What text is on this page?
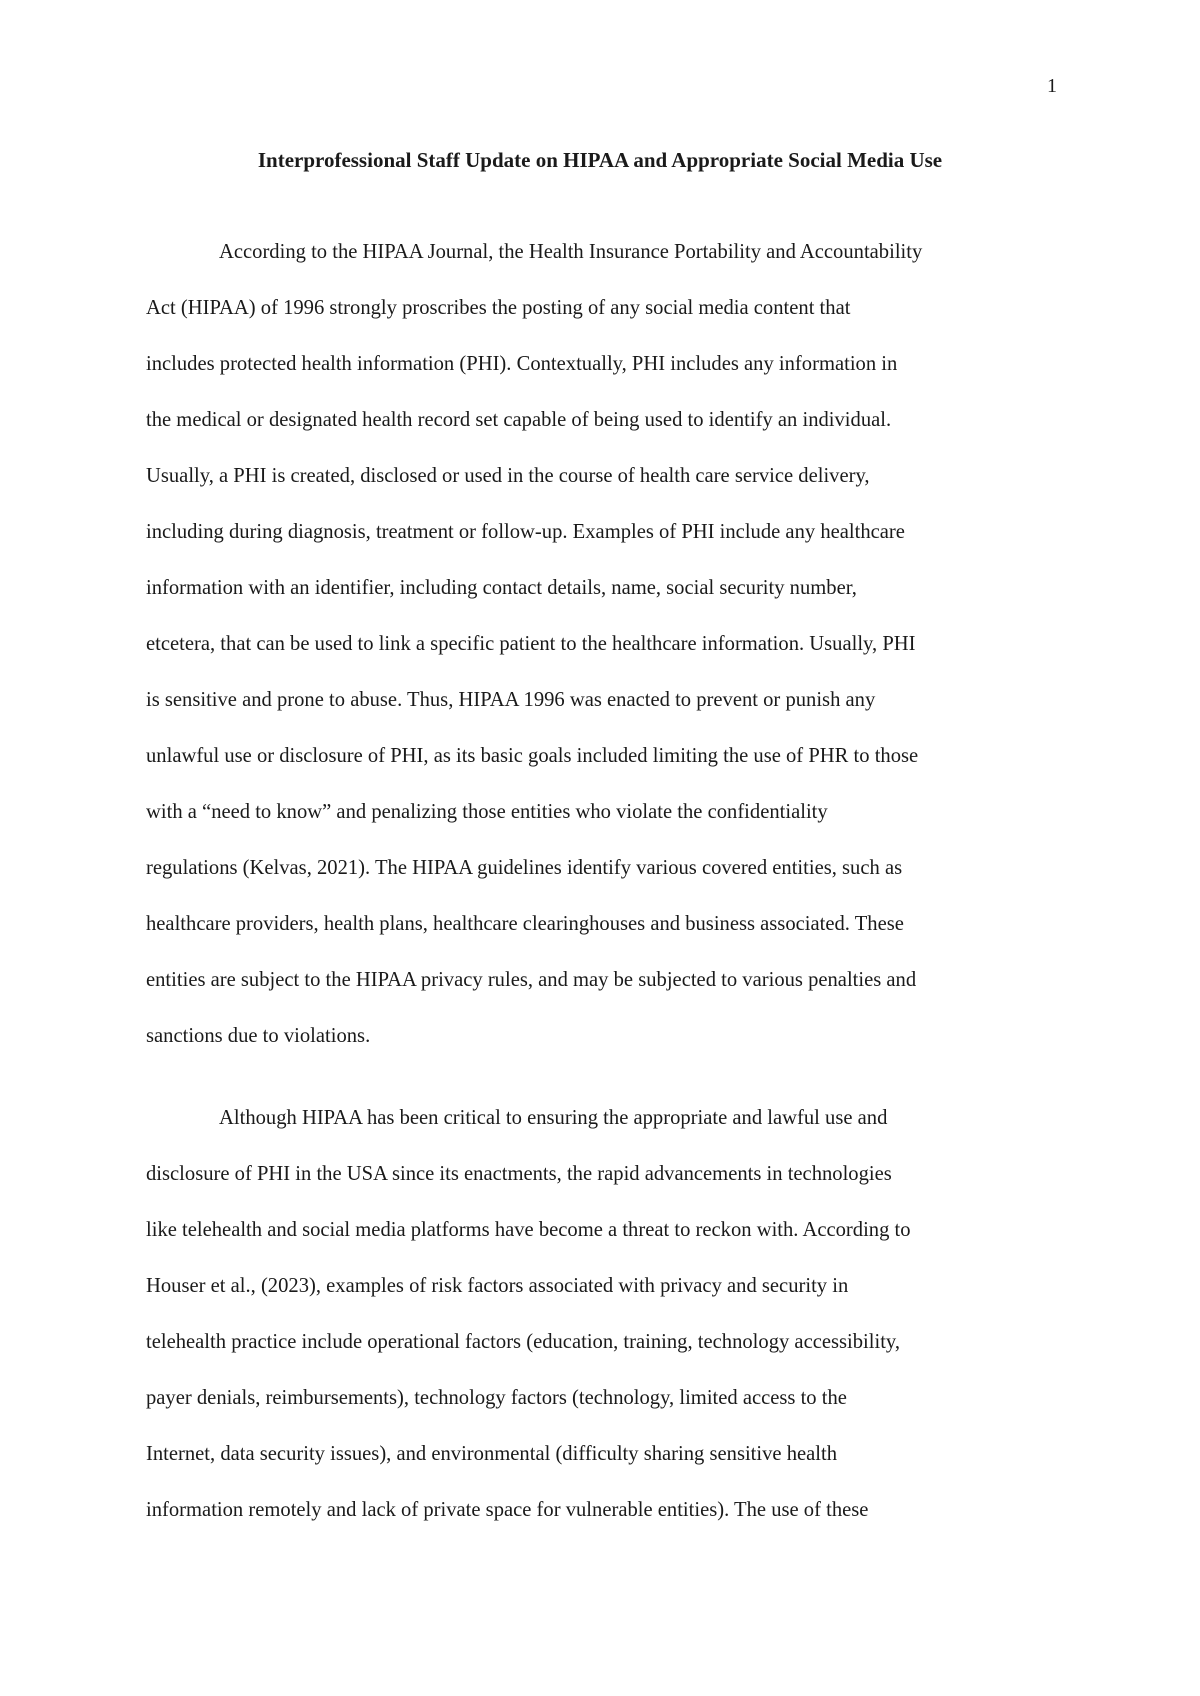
1
Interprofessional Staff Update on HIPAA and Appropriate Social Media Use
According to the HIPAA Journal, the Health Insurance Portability and Accountability
Act (HIPAA) of 1996 strongly proscribes the posting of any social media content that
includes protected health information (PHI). Contextually, PHI includes any information in
the medical or designated health record set capable of being used to identify an individual.
Usually, a PHI is created, disclosed or used in the course of health care service delivery,
including during diagnosis, treatment or follow-up. Examples of PHI include any healthcare
information with an identifier, including contact details, name, social security number,
etcetera, that can be used to link a specific patient to the healthcare information. Usually, PHI
is sensitive and prone to abuse. Thus, HIPAA 1996 was enacted to prevent or punish any
unlawful use or disclosure of PHI, as its basic goals included limiting the use of PHR to those
with a “need to know” and penalizing those entities who violate the confidentiality
regulations (Kelvas, 2021). The HIPAA guidelines identify various covered entities, such as
healthcare providers, health plans, healthcare clearinghouses and business associated. These
entities are subject to the HIPAA privacy rules, and may be subjected to various penalties and
sanctions due to violations.
Although HIPAA has been critical to ensuring the appropriate and lawful use and
disclosure of PHI in the USA since its enactments, the rapid advancements in technologies
like telehealth and social media platforms have become a threat to reckon with. According to
Houser et al., (2023), examples of risk factors associated with privacy and security in
telehealth practice include operational factors (education, training, technology accessibility,
payer denials, reimbursements), technology factors (technology, limited access to the
Internet, data security issues), and environmental (difficulty sharing sensitive health
information remotely and lack of private space for vulnerable entities). The use of these
